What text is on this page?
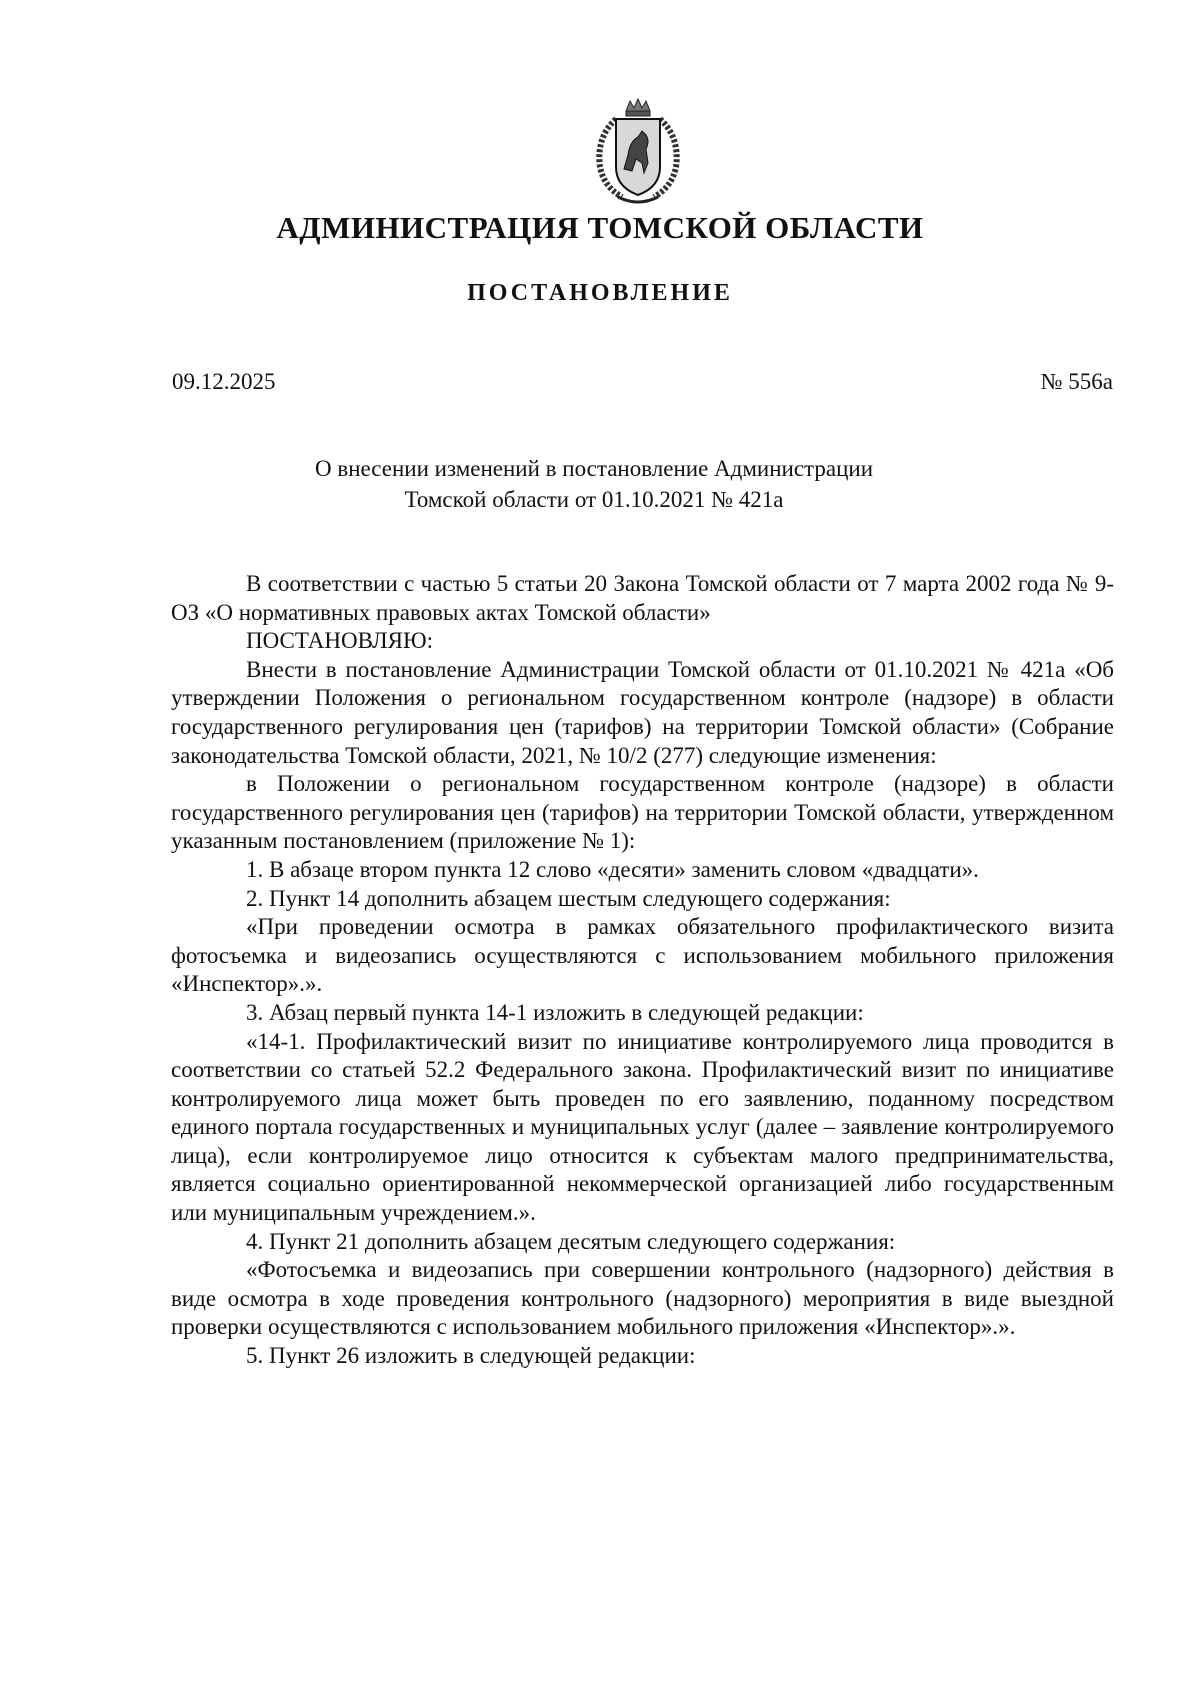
АДМИНИСТРАЦИЯ ТОМСКОЙ ОБЛАСТИ
ПОСТАНОВЛЕНИЕ
09.12.2025	№ 556а
О внесении изменений в постановление Администрации
Томской области от 01.10.2021 № 421а

В соответствии с частью 5 статьи 20 Закона Томской области от 7 марта 2002 года № 9-ОЗ «О нормативных правовых актах Томской области»

ПОСТАНОВЛЯЮ:

Внести в постановление Администрации Томской области от 01.10.2021 № 421а «Об утверждении Положения о региональном государственном контроле (надзоре) в области государственного регулирования цен (тарифов) на территории Томской области» (Собрание законодательства Томской области, 2021, № 10/2 (277) следующие изменения:

в Положении о региональном государственном контроле (надзоре) в области государственного регулирования цен (тарифов) на территории Томской области, утвержденном указанным постановлением (приложение № 1):

1. В абзаце втором пункта 12 слово «десяти» заменить словом «двадцати».

2. Пункт 14 дополнить абзацем шестым следующего содержания:

«При проведении осмотра в рамках обязательного профилактического визита фотосъемка и видеозапись осуществляются с использованием мобильного приложения «Инспектор».».

3. Абзац первый пункта 14-1 изложить в следующей редакции:

«14-1. Профилактический визит по инициативе контролируемого лица проводится в соответствии со статьей 52.2 Федерального закона. Профилактический визит по инициативе контролируемого лица может быть проведен по его заявлению, поданному посредством единого портала государственных и муниципальных услуг (далее – заявление контролируемого лица), если контролируемое лицо относится к субъектам малого предпринимательства, является социально ориентированной некоммерческой организацией либо государственным или муниципальным учреждением.».

4. Пункт 21 дополнить абзацем десятым следующего содержания:

«Фотосъемка и видеозапись при совершении контрольного (надзорного) действия в виде осмотра в ходе проведения контрольного (надзорного) мероприятия в виде выездной проверки осуществляются с использованием мобильного приложения «Инспектор».».

5. Пункт 26 изложить в следующей редакции:
